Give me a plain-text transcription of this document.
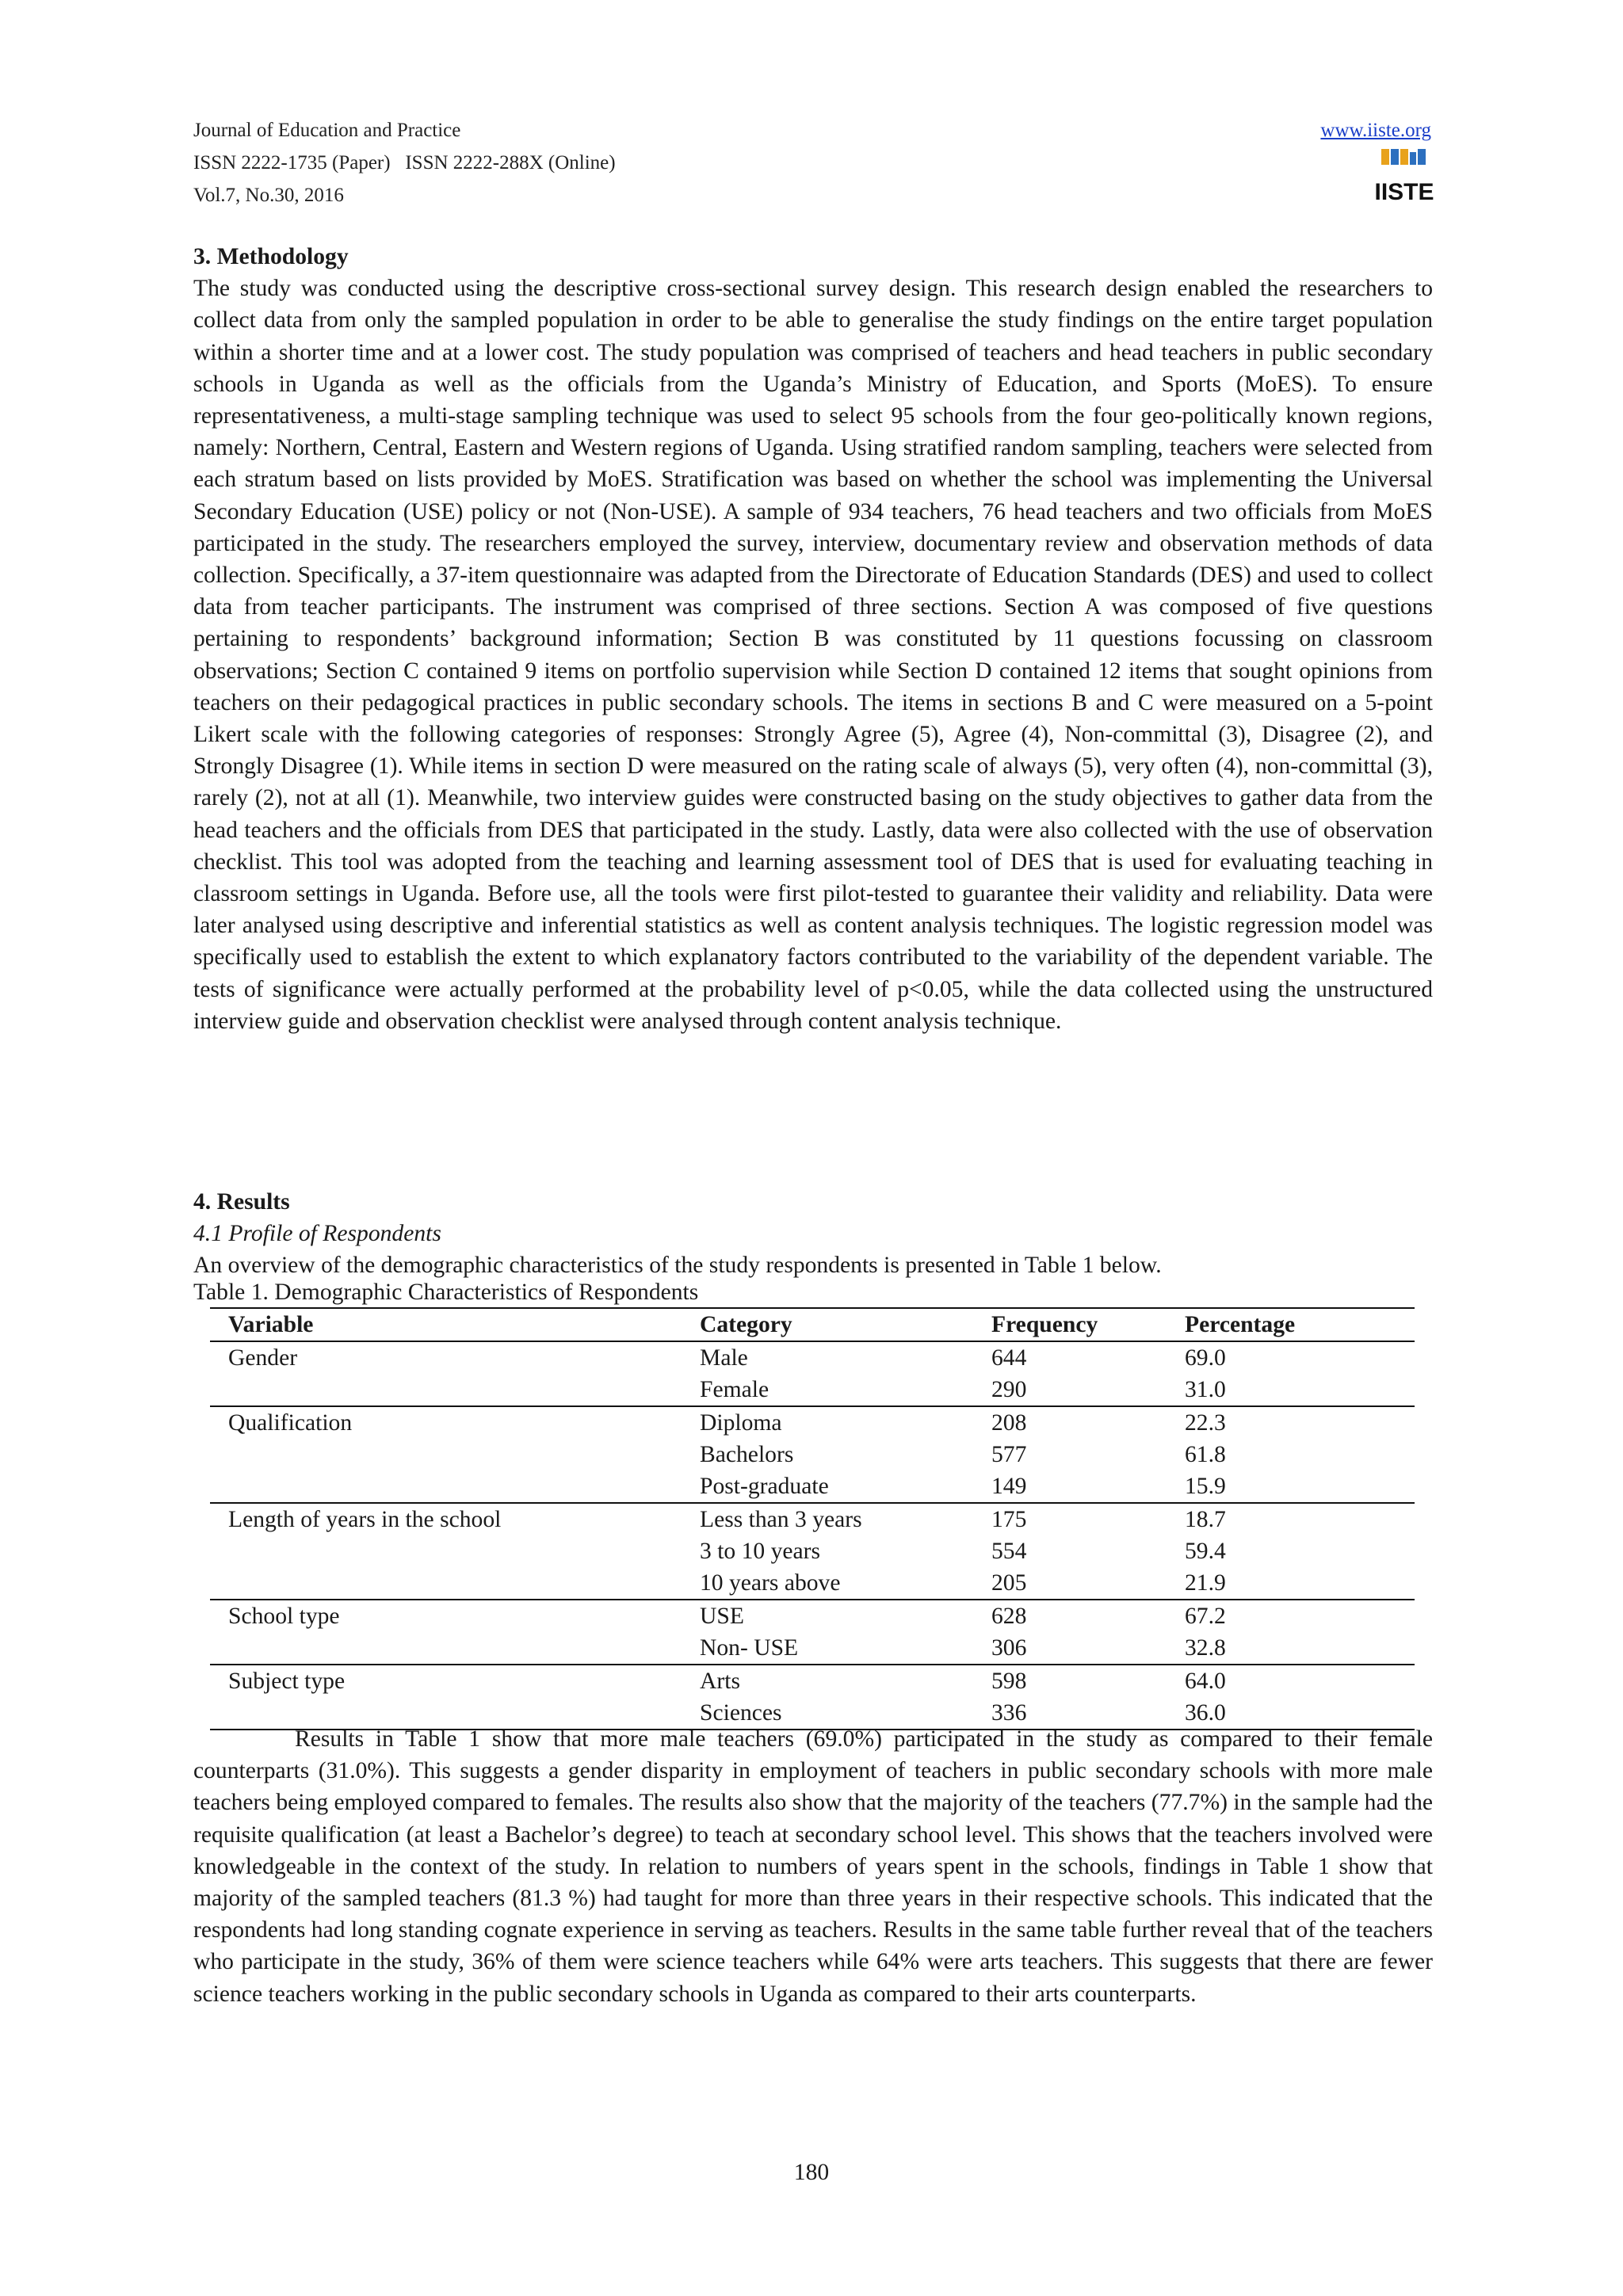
Journal of Education and Practice
ISSN 2222-1735 (Paper)   ISSN 2222-288X (Online)
Vol.7, No.30, 2016
www.iiste.org
IISTE
3. Methodology
The study was conducted using the descriptive cross-sectional survey design. This research design enabled the researchers to collect data from only the sampled population in order to be able to generalise the study findings on the entire target population within a shorter time and at a lower cost. The study population was comprised of teachers and head teachers in public secondary schools in Uganda as well as the officials from the Uganda’s Ministry of Education, and Sports (MoES). To ensure representativeness, a multi-stage sampling technique was used to select 95 schools from the four geo-politically known regions, namely: Northern, Central, Eastern and Western regions of Uganda. Using stratified random sampling, teachers were selected from each stratum based on lists provided by MoES. Stratification was based on whether the school was implementing the Universal Secondary Education (USE) policy or not (Non-USE). A sample of 934 teachers, 76 head teachers and two officials from MoES participated in the study. The researchers employed the survey, interview, documentary review and observation methods of data collection. Specifically, a 37-item questionnaire was adapted from the Directorate of Education Standards (DES) and used to collect data from teacher participants. The instrument was comprised of three sections. Section A was composed of five questions pertaining to respondents’ background information; Section B was constituted by 11 questions focussing on classroom observations; Section C contained 9 items on portfolio supervision while Section D contained 12 items that sought opinions from teachers on their pedagogical practices in public secondary schools. The items in sections B and C were measured on a 5-point Likert scale with the following categories of responses: Strongly Agree (5), Agree (4), Non-committal (3), Disagree (2), and Strongly Disagree (1). While items in section D were measured on the rating scale of always (5), very often (4), non-committal (3), rarely (2), not at all (1). Meanwhile, two interview guides were constructed basing on the study objectives to gather data from the head teachers and the officials from DES that participated in the study. Lastly, data were also collected with the use of observation checklist. This tool was adopted from the teaching and learning assessment tool of DES that is used for evaluating teaching in classroom settings in Uganda. Before use, all the tools were first pilot-tested to guarantee their validity and reliability. Data were later analysed using descriptive and inferential statistics as well as content analysis techniques. The logistic regression model was specifically used to establish the extent to which explanatory factors contributed to the variability of the dependent variable. The tests of significance were actually performed at the probability level of p<0.05, while the data collected using the unstructured interview guide and observation checklist were analysed through content analysis technique.
4. Results
4.1 Profile of Respondents
An overview of the demographic characteristics of the study respondents is presented in Table 1 below.
Table 1. Demographic Characteristics of Respondents
Variable	Category	Frequency	Percentage
Gender	Male	644	69.0
	Female	290	31.0
Qualification	Diploma	208	22.3
	Bachelors	577	61.8
	Post-graduate	149	15.9
Length of years in the school	Less than 3 years	175	18.7
	3 to 10 years	554	59.4
	10 years above	205	21.9
School type	USE	628	67.2
	Non- USE	306	32.8
Subject type	Arts	598	64.0
	Sciences	336	36.0
Results in Table 1 show that more male teachers (69.0%) participated in the study as compared to their female counterparts (31.0%). This suggests a gender disparity in employment of teachers in public secondary schools with more male teachers being employed compared to females. The results also show that the majority of the teachers (77.7%) in the sample had the requisite qualification (at least a Bachelor’s degree) to teach at secondary school level. This shows that the teachers involved were knowledgeable in the context of the study. In relation to numbers of years spent in the schools, findings in Table 1 show that majority of the sampled teachers (81.3 %) had taught for more than three years in their respective schools. This indicated that the respondents had long standing cognate experience in serving as teachers. Results in the same table further reveal that of the teachers who participate in the study, 36% of them were science teachers while 64% were arts teachers. This suggests that there are fewer science teachers working in the public secondary schools in Uganda as compared to their arts counterparts.
180
